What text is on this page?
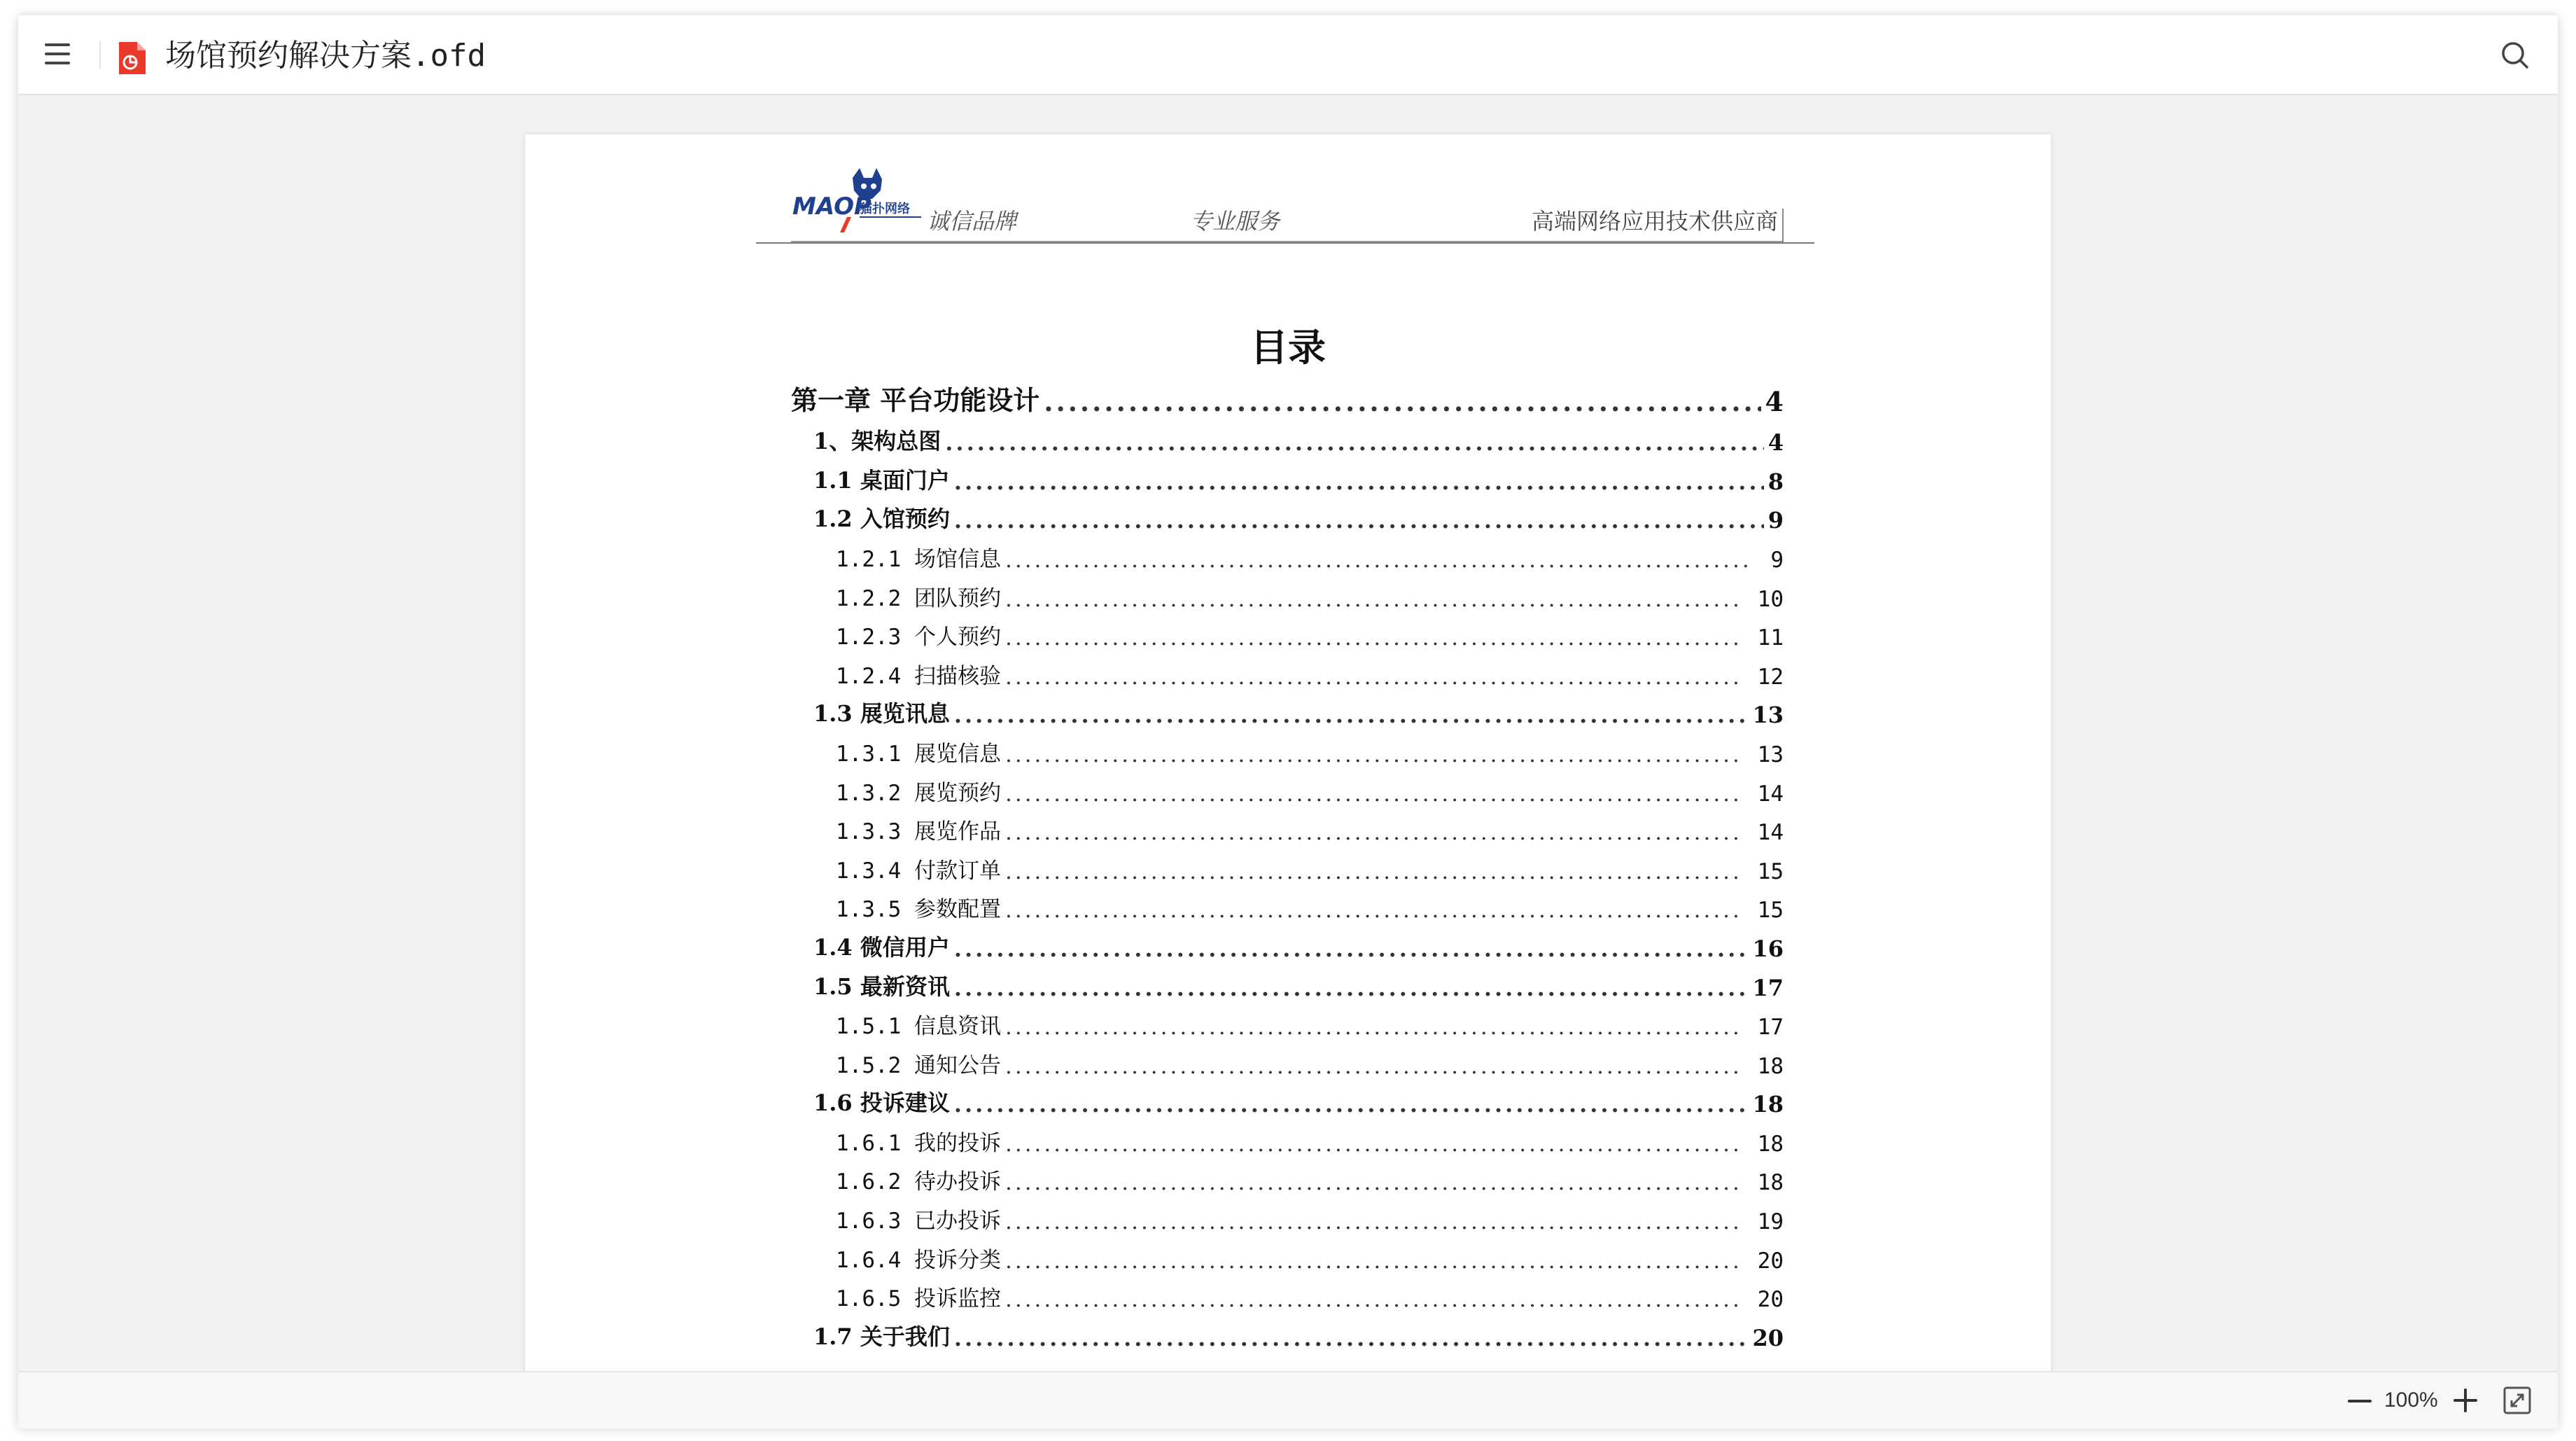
场馆预约解决方案.ofd
MAOP
猫扑网络 诚信品牌	专业服务	高端网络应用技术供应商
目录
第一章 平台功能设计 .....	4
1、架构总图 .....	4
1.1 桌面门户 .....	8
1.2 入馆预约 .....	9
1.2.1 场馆信息 .....	9
1.2.2 团队预约 .....	10
1.2.3 个人预约 .....	11
1.2.4 扫描核验 .....	12
1.3 展览讯息 .....	13
1.3.1 展览信息 .....	13
1.3.2 展览预约 .....	14
1.3.3 展览作品 .....	14
1.3.4 付款订单 .....	15
1.3.5 参数配置 .....	15
1.4 微信用户 .....	16
1.5 最新资讯 .....	17
1.5.1 信息资讯 .....	17
1.5.2 通知公告 .....	18
1.6 投诉建议 .....	18
1.6.1 我的投诉 .....	18
1.6.2 待办投诉 .....	18
1.6.3 已办投诉 .....	19
1.6.4 投诉分类 .....	20
1.6.5 投诉监控 .....	20
1.7 关于我们 .....	20
100%
